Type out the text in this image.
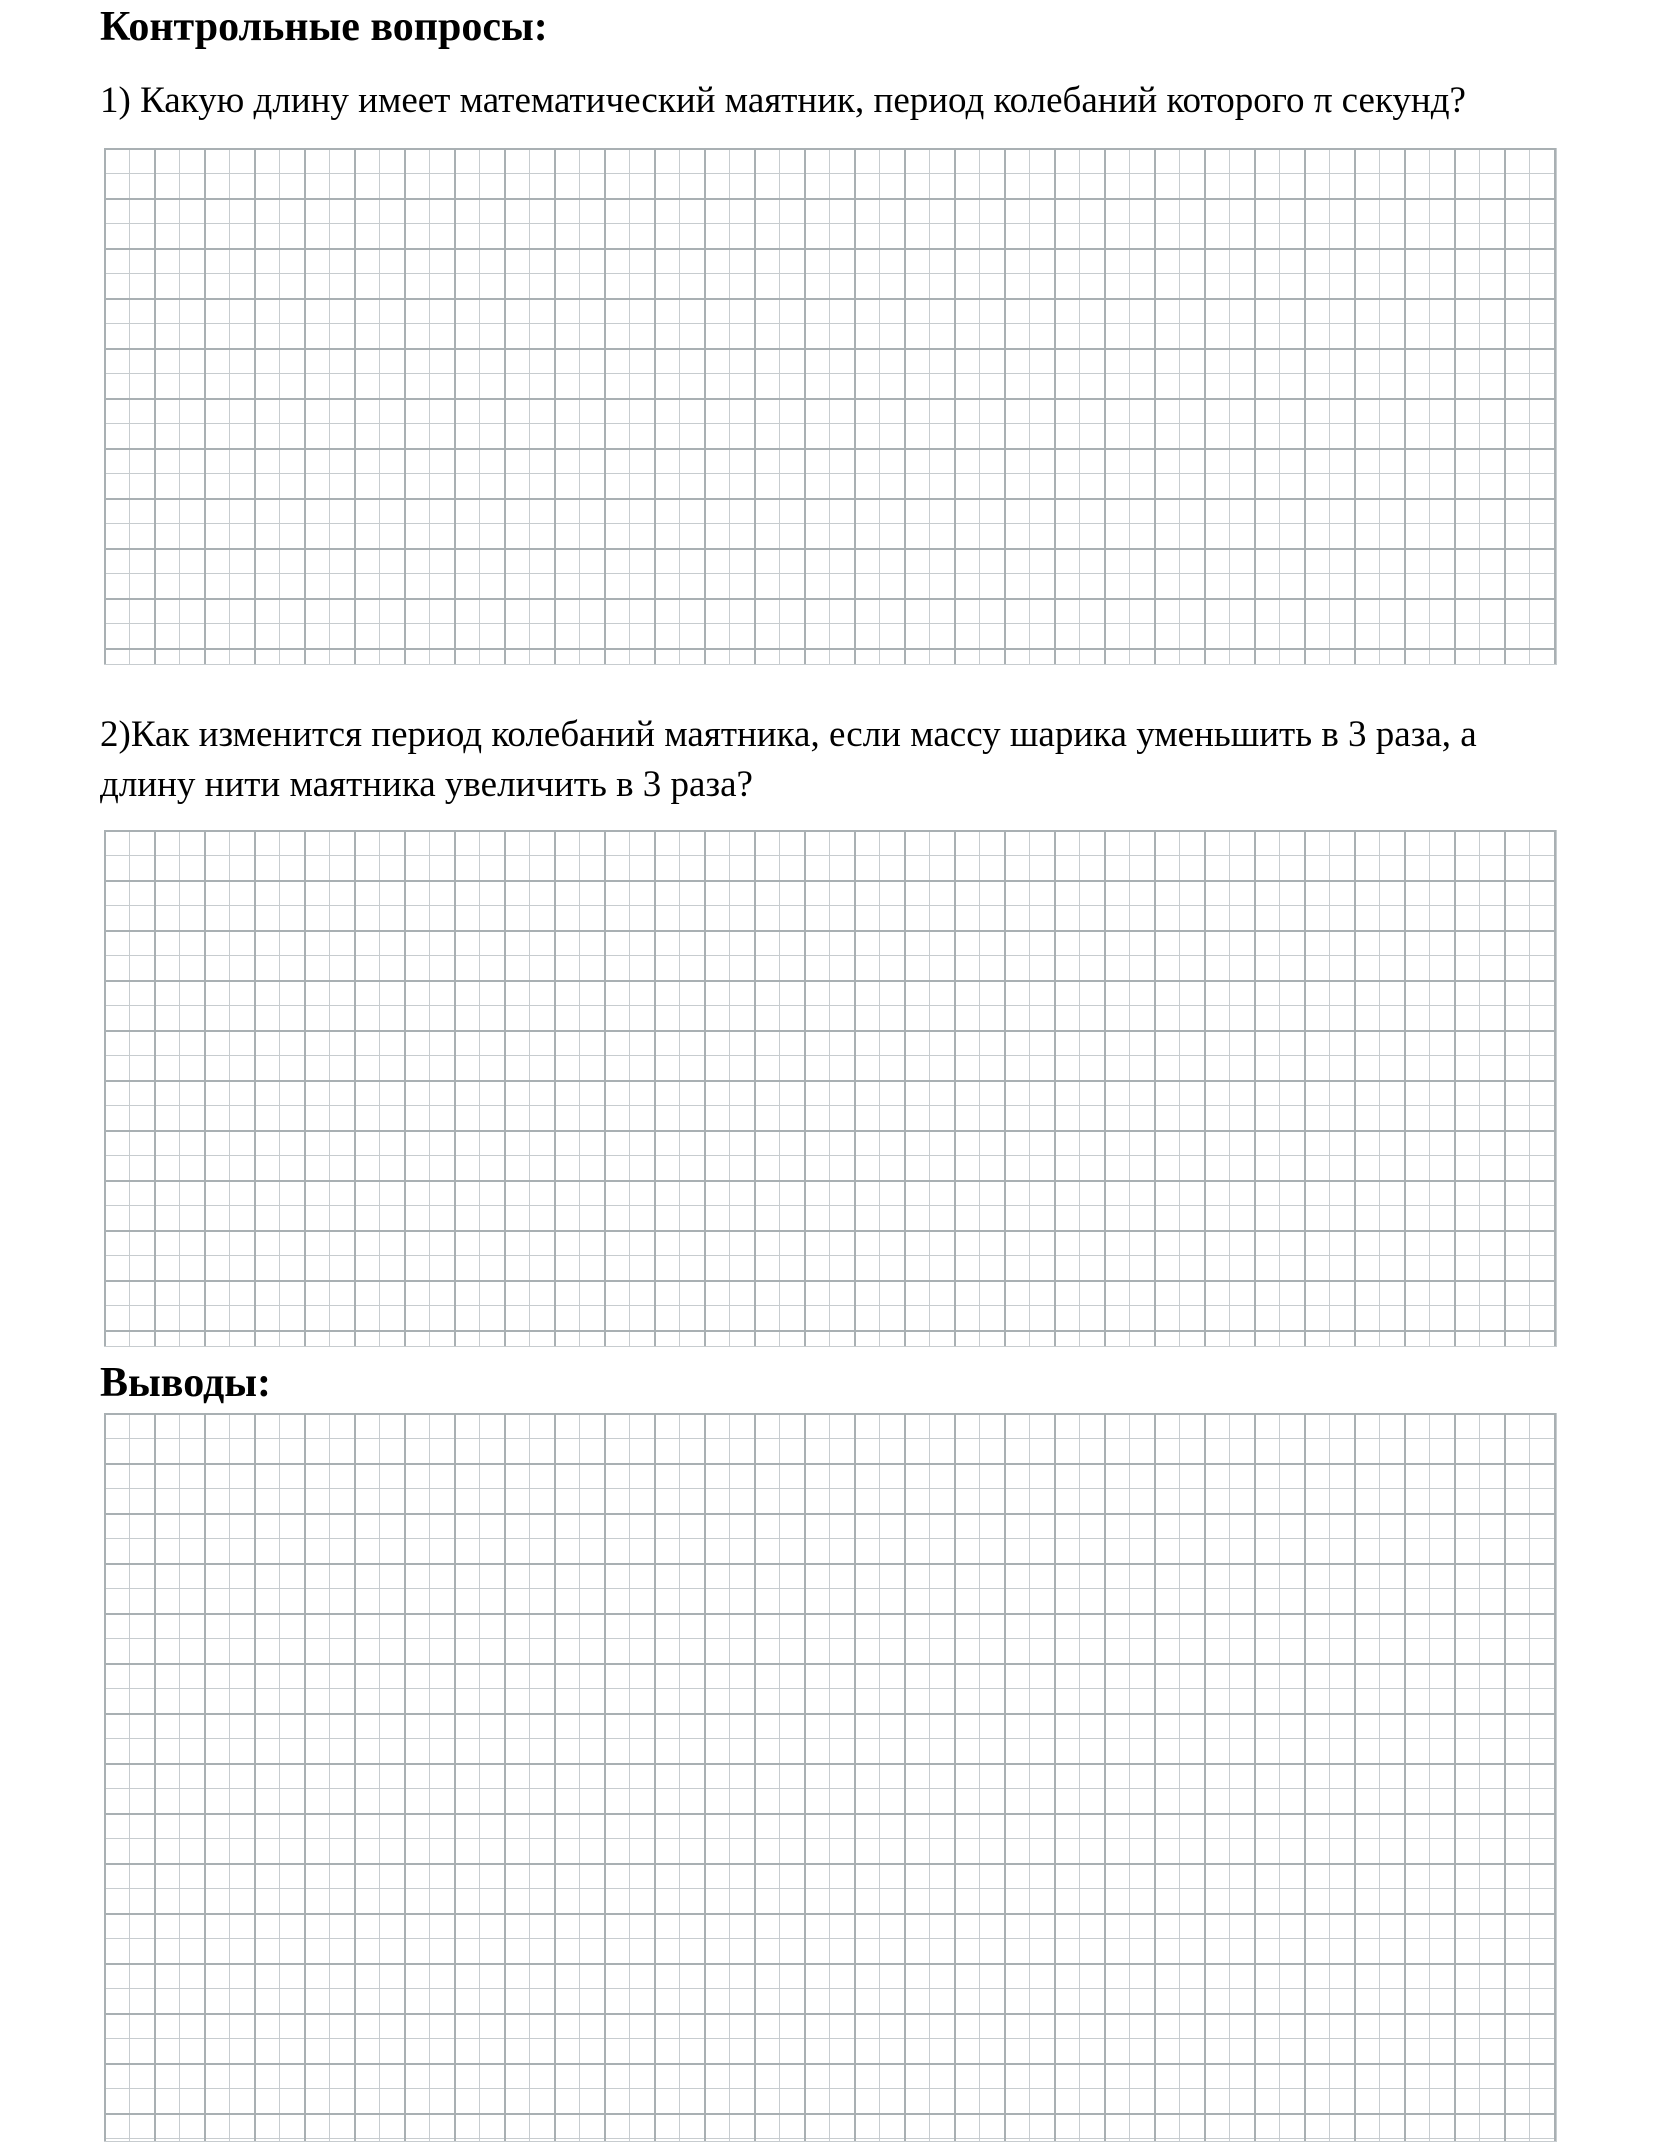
Контрольные вопросы:

1) Какую длину имеет математический маятник, период колебаний которого π секунд?

2)Как изменится период колебаний маятника, если массу шарика уменьшить в 3 раза, а длину нити маятника увеличить в 3 раза?

Выводы:
